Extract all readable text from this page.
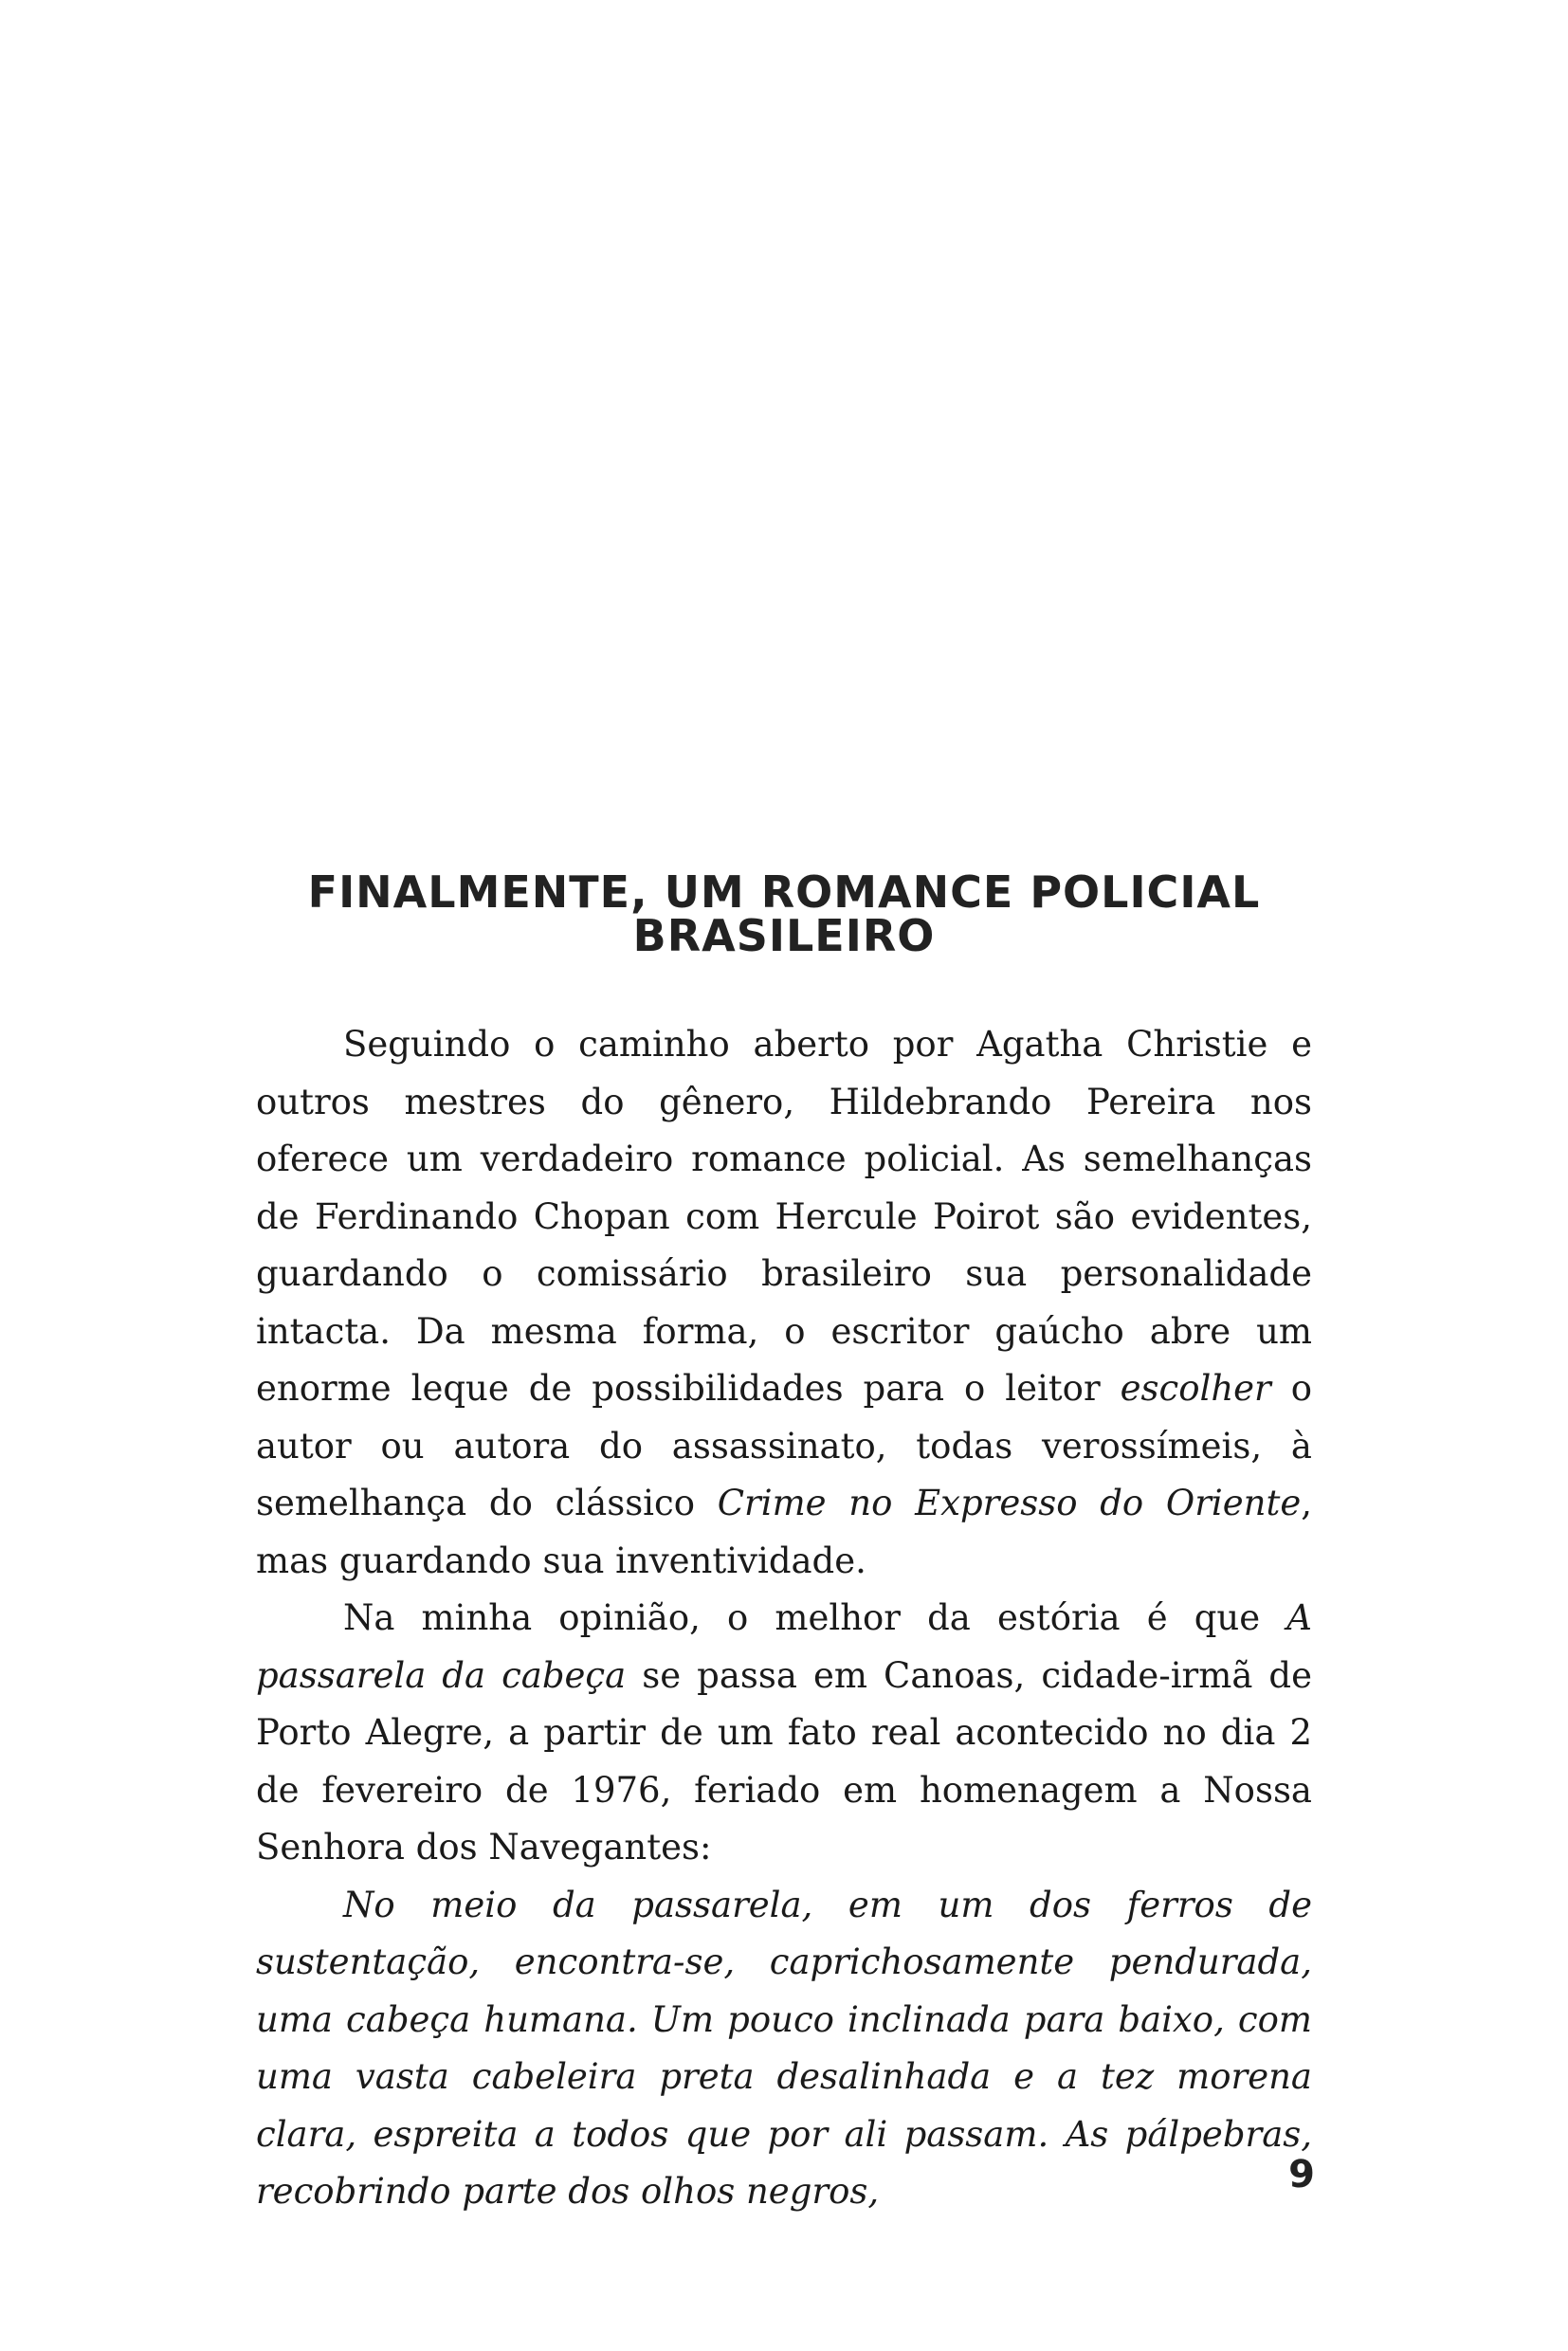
FINALMENTE, UM ROMANCE POLICIAL BRASILEIRO

Seguindo o caminho aberto por Agatha Christie e outros mestres do gênero, Hildebrando Pereira nos oferece um verdadeiro romance policial. As semelhanças de Ferdinando Chopan com Hercule Poirot são evidentes, guardando o comissário brasileiro sua personalidade intacta. Da mesma forma, o escritor gaúcho abre um enorme leque de possibilidades para o leitor escolher o autor ou autora do assassinato, todas verossímeis, à semelhança do clássico Crime no Expresso do Oriente, mas guardando sua inventividade.

Na minha opinião, o melhor da estória é que A passarela da cabeça se passa em Canoas, cidade-irmã de Porto Alegre, a partir de um fato real acontecido no dia 2 de fevereiro de 1976, feriado em homenagem a Nossa Senhora dos Navegantes:

No meio da passarela, em um dos ferros de sustentação, encontra-se, caprichosamente pendurada, uma cabeça humana. Um pouco inclinada para baixo, com uma vasta cabeleira preta desalinhada e a tez morena clara, espreita a todos que por ali passam. As pálpebras, recobrindo parte dos olhos negros,	9
